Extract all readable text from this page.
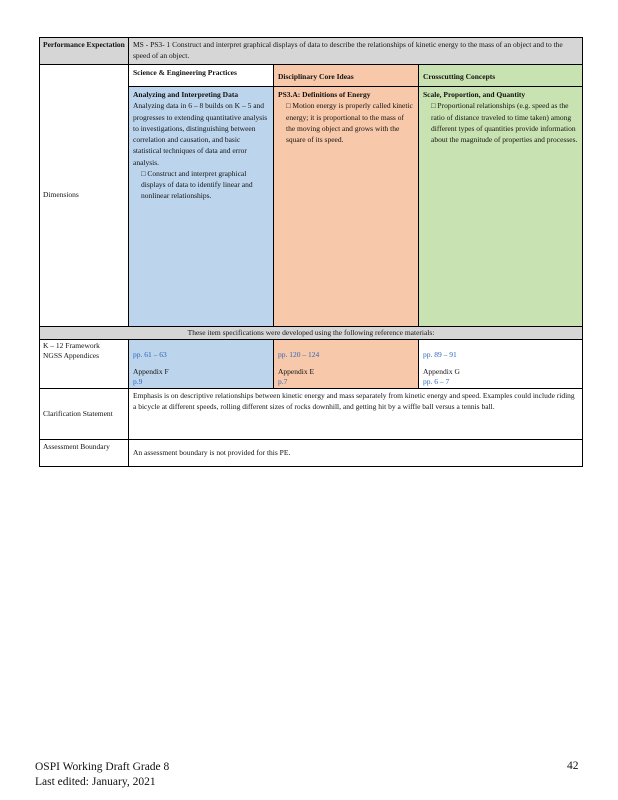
Performance Expectation	MS - PS3- 1 Construct and interpret graphical displays of data to describe the relationships of kinetic energy to the mass of an object and to the speed of an object.
Dimensions
Science & Engineering Practices
Analyzing and Interpreting Data
Analyzing data in 6 – 8 builds on K – 5 and progresses to extending quantitative analysis to investigations, distinguishing between correlation and causation, and basic statistical techniques of data and error analysis.
□ Construct and interpret graphical displays of data to identify linear and nonlinear relationships.
Disciplinary Core Ideas
PS3.A: Definitions of Energy
□ Motion energy is properly called kinetic energy; it is proportional to the mass of the moving object and grows with the square of its speed.
Crosscutting Concepts
Scale, Proportion, and Quantity
□ Proportional relationships (e.g. speed as the ratio of distance traveled to time taken) among different types of quantities provide information about the magnitude of properties and processes.
These item specifications were developed using the following reference materials:
K – 12 Framework
NGSS Appendices	pp. 61 – 63
Appendix F
p.9
pp. 120 – 124
Appendix E
p.7
pp. 89 – 91
Appendix G
pp. 6 – 7
Clarification Statement
Emphasis is on descriptive relationships between kinetic energy and mass separately from kinetic energy and speed. Examples could include riding a bicycle at different speeds, rolling different sizes of rocks downhill, and getting hit by a wiffle ball versus a tennis ball.
Assessment Boundary
An assessment boundary is not provided for this PE.
OSPI Working Draft Grade 8
Last edited: January, 2021
42
